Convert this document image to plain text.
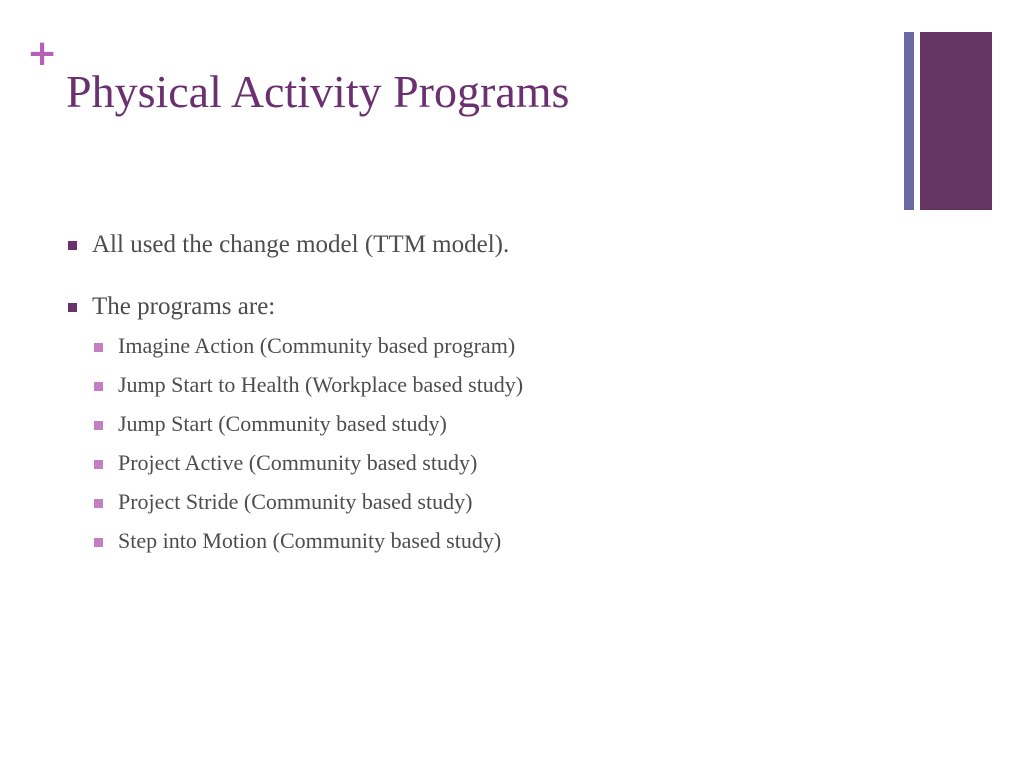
+
Physical Activity Programs
All used the change model (TTM model).
The programs are:
Imagine Action (Community based program)
Jump Start to Health (Workplace based study)
Jump Start (Community based study)
Project Active (Community based study)
Project Stride (Community based study)
Step into Motion (Community based study)
